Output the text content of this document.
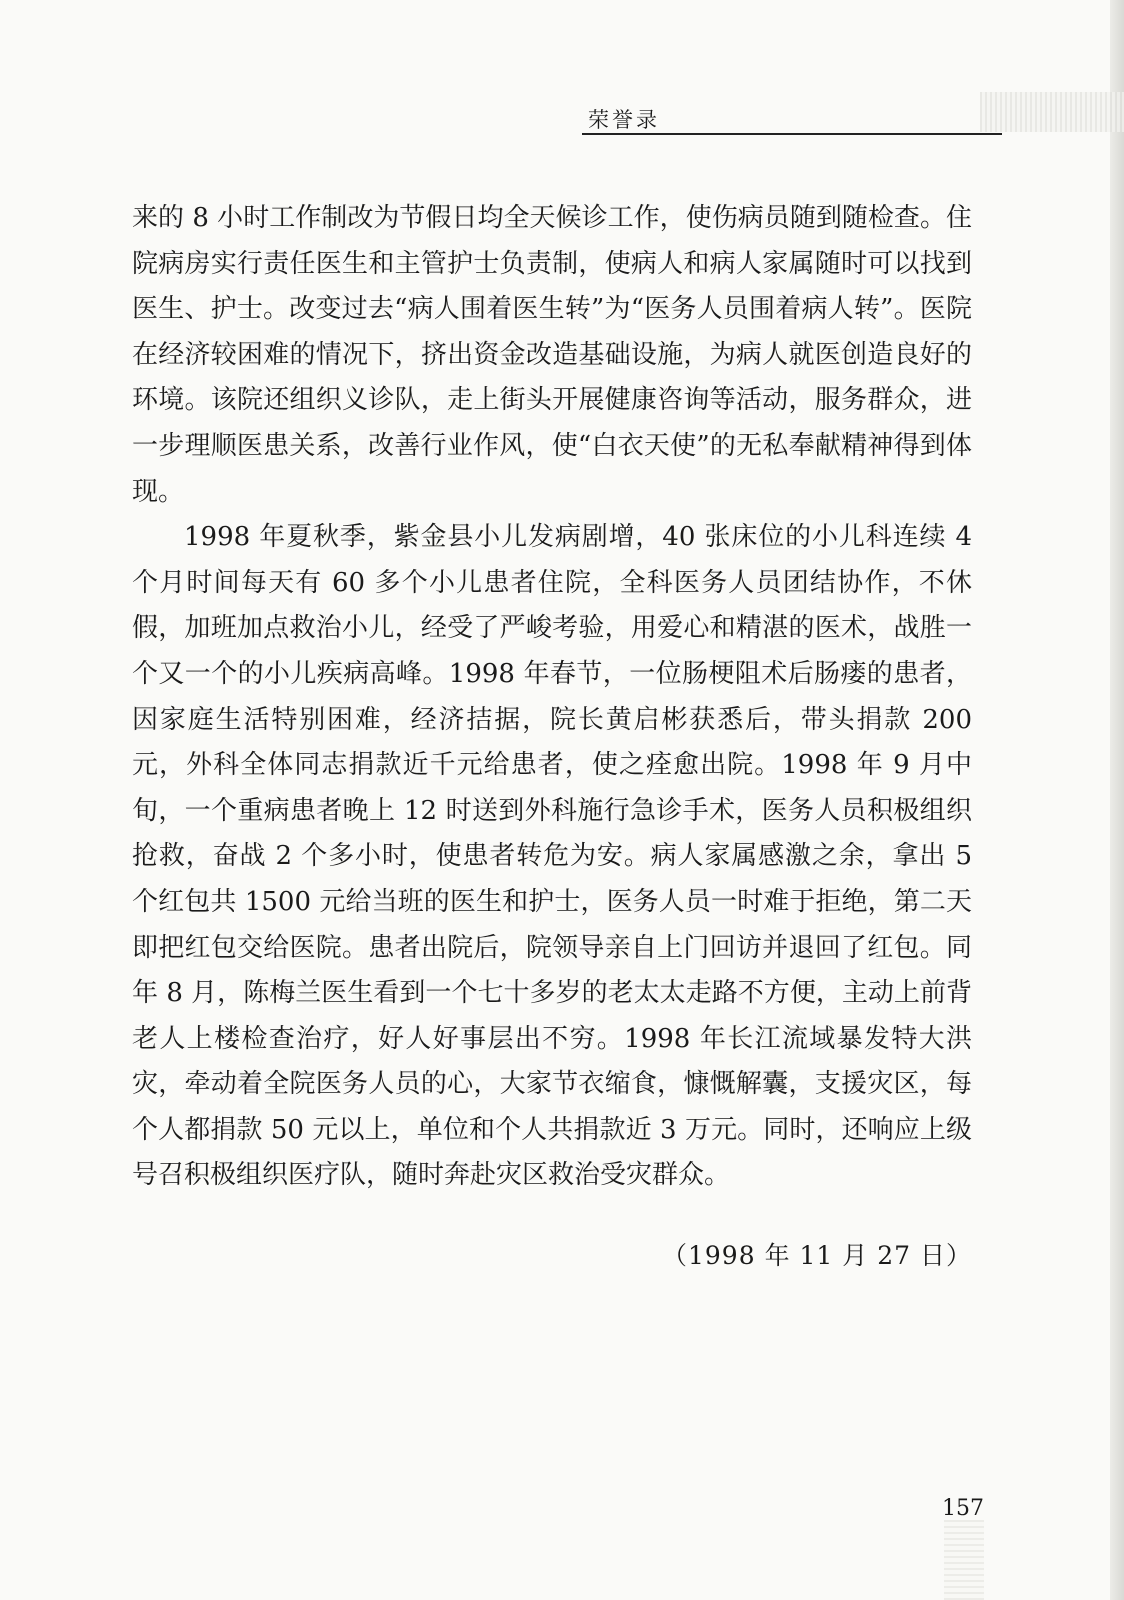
荣誉录

来的 8 小时工作制改为节假日均全天候诊工作，使伤病员随到随检查。住院病房实行责任医生和主管护士负责制，使病人和病人家属随时可以找到医生、护士。改变过去“病人围着医生转”为“医务人员围着病人转”。医院在经济较困难的情况下，挤出资金改造基础设施，为病人就医创造良好的环境。该院还组织义诊队，走上街头开展健康咨询等活动，服务群众，进一步理顺医患关系，改善行业作风，使“白衣天使”的无私奉献精神得到体现。

1998 年夏秋季，紫金县小儿发病剧增，40 张床位的小儿科连续 4 个月时间每天有 60 多个小儿患者住院，全科医务人员团结协作，不休假，加班加点救治小儿，经受了严峻考验，用爱心和精湛的医术，战胜一个又一个的小儿疾病高峰。1998 年春节，一位肠梗阻术后肠瘘的患者，因家庭生活特别困难，经济拮据，院长黄启彬获悉后，带头捐款 200 元，外科全体同志捐款近千元给患者，使之痊愈出院。1998 年 9 月中旬，一个重病患者晚上 12 时送到外科施行急诊手术，医务人员积极组织抢救，奋战 2 个多小时，使患者转危为安。病人家属感激之余，拿出 5 个红包共 1500 元给当班的医生和护士，医务人员一时难于拒绝，第二天即把红包交给医院。患者出院后，院领导亲自上门回访并退回了红包。同年 8 月，陈梅兰医生看到一个七十多岁的老太太走路不方便，主动上前背老人上楼检查治疗，好人好事层出不穷。1998 年长江流域暴发特大洪灾，牵动着全院医务人员的心，大家节衣缩食，慷慨解囊，支援灾区，每个人都捐款 50 元以上，单位和个人共捐款近 3 万元。同时，还响应上级号召积极组织医疗队，随时奔赴灾区救治受灾群众。

（1998 年 11 月 27 日）
157
